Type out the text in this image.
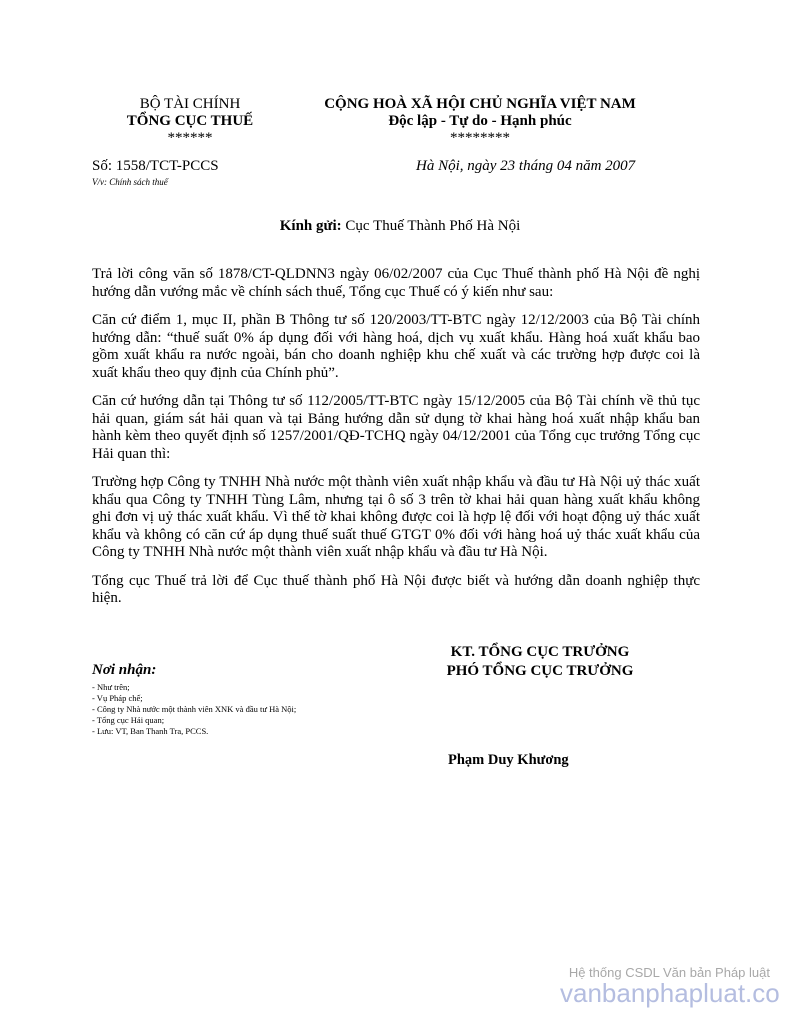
BỘ TÀI CHÍNH
TỔNG CỤC THUẾ
******
CỘNG HOÀ XÃ HỘI CHỦ NGHĨA VIỆT NAM
Độc lập - Tự do - Hạnh phúc
********
Số: 1558/TCT-PCCS
V/v: Chính sách thuế
Hà Nội, ngày 23 tháng 04 năm 2007
Kính gửi: Cục Thuế Thành Phố Hà Nội

Trả lời công văn số 1878/CT-QLDNN3 ngày 06/02/2007 của Cục Thuế thành phố Hà Nội đề nghị hướng dẫn vướng mắc về chính sách thuế, Tổng cục Thuế có ý kiến như sau:

Căn cứ điểm 1, mục II, phần B Thông tư số 120/2003/TT-BTC ngày 12/12/2003 của Bộ Tài chính hướng dẫn: “thuế suất 0% áp dụng đối với hàng hoá, dịch vụ xuất khẩu. Hàng hoá xuất khẩu bao gồm xuất khẩu ra nước ngoài, bán cho doanh nghiệp khu chế xuất và các trường hợp được coi là xuất khẩu theo quy định của Chính phủ”.

Căn cứ hướng dẫn tại Thông tư số 112/2005/TT-BTC ngày 15/12/2005 của Bộ Tài chính về thủ tục hải quan, giám sát hải quan và tại Bảng hướng dẫn sử dụng tờ khai hàng hoá xuất nhập khẩu ban hành kèm theo quyết định số 1257/2001/QĐ-TCHQ ngày 04/12/2001 của Tổng cục trưởng Tổng cục Hải quan thì:

Trường hợp Công ty TNHH Nhà nước một thành viên xuất nhập khẩu và đầu tư Hà Nội uỷ thác xuất khẩu qua Công ty TNHH Tùng Lâm, nhưng tại ô số 3 trên tờ khai hải quan hàng xuất khẩu không ghi đơn vị uỷ thác xuất khẩu. Vì thế tờ khai không được coi là hợp lệ đối với hoạt động uỷ thác xuất khẩu và không có căn cứ áp dụng thuế suất thuế GTGT 0% đối với hàng hoá uỷ thác xuất khẩu của Công ty TNHH Nhà nước một thành viên xuất nhập khẩu và đầu tư Hà Nội.

Tổng cục Thuế trả lời để Cục thuế thành phố Hà Nội được biết và hướng dẫn doanh nghiệp thực hiện.

KT. TỔNG CỤC TRƯỞNG
PHÓ TỔNG CỤC TRƯỞNG
Nơi nhận:
- Như trên;
- Vụ Pháp chế;
- Công ty Nhà nước một thành viên XNK và đầu tư Hà Nội;
- Tổng cục Hải quan;
- Lưu: VT, Ban Thanh Tra, PCCS.
Phạm Duy Khương
Hệ thống CSDL Văn bản Pháp luật
vanbanphapluat.co
